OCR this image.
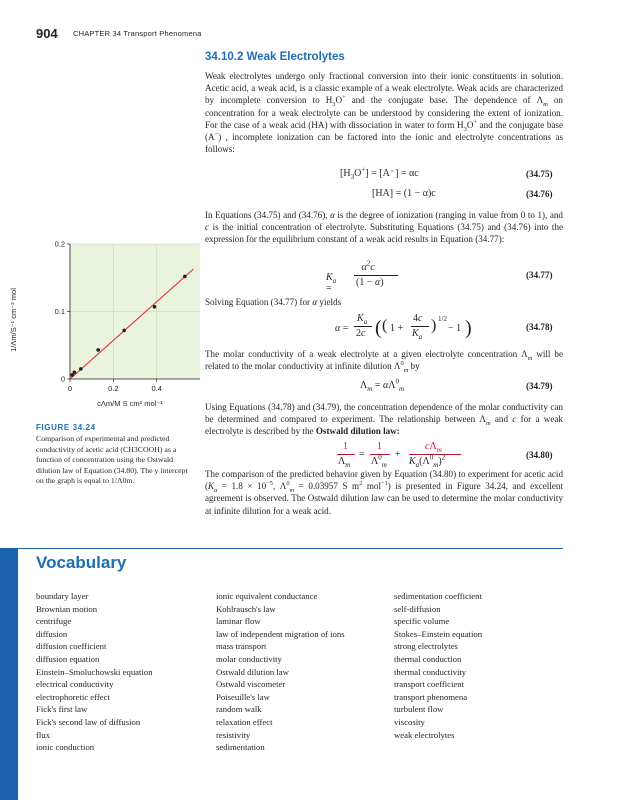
904 CHAPTER 34 Transport Phenomena
34.10.2 Weak Electrolytes
Weak electrolytes undergo only fractional conversion into their ionic constituents in solution. Acetic acid, a weak acid, is a classic example of a weak electrolyte. Weak acids are characterized by incomplete conversion to $H_3O^+$ and the conjugate base. The dependence of $\Lambda_m$ on concentration for a weak electrolyte can be understood by considering the extent of ionization. For the case of a weak acid (HA) with dissociation in water to form $H_3O^+$ and the conjugate base (A−) , incomplete ionization can be factored into the ionic and electrolyte concentrations as follows:
$[H_3O^+] = [A^-] = \alpha c$	(34.75)
[HA] = (1 − α)c	(34.76)
In Equations (34.75) and (34.76), α is the degree of ionization (ranging in value from 0 to 1), and c is the initial concentration of electrolyte. Substituting Equations (34.75) and (34.76) into the expression for the equilibrium constant of a weak acid results in Equation (34.77):
$K_a$ =
$\alpha^2c$
(1 − α)
(34.77)
Solving Equation (34.77) for α yields
α =
$K_a$
2c ( ( 1 +
4c
$K_a$
) 1/2
− 1 )	(34.78)
The molar conductivity of a weak electrolyte at a given electrolyte concentration $\Lambda_m$ will be related to the molar conductivity at infinite dilution $\Lambda^0_m$ by
$\Lambda_m = \alpha\Lambda^0_m$	(34.79)
Using Equations (34.78) and (34.79), the concentration dependence of the molar conductivity can be determined and compared to experiment. The relationship between $\Lambda_m$ and c for a weak electrolyte is described by the Ostwald dilution law:
1
$\Lambda_m$
=
1
$\Lambda^0_m$
+
$c\Lambda_m$
$K_a(\Lambda^0_m)^2$	(34.80)
The comparison of the predicted behavior given by Equation (34.80) to experiment for acetic acid ($K_a = 1.8 \times 10^{-5}$, $\Lambda^0_m = 0.03957$ S $m^2$ mol$^{-1}$) is presented in Figure 34.24, and excellent agreement is observed. The Ostwald dilution law can be used to determine the molar conductivity at infinite dilution for a weak acid.
0
0.1
0.2
0	0.2	0.4
1/Λm/S⁻¹ cm⁻² mol
cΛm/M S cm² mol⁻¹
FIGURE 34.24
Comparison of experimental and predicted conductivity of acetic acid (CH3COOH) as a function of concentration using the Ostwald dilution law of Equation (34.80). The y intercept on the graph is equal to 1/Λ0m.
Vocabulary
boundary layer
Brownian motion
centrifuge
diffusion
diffusion coefficient
diffusion equation
Einstein–Smoluchowski equation
electrical conductivity
electrophoretic effect
Fick's first law
Fick's second law of diffusion
flux
ionic conduction
ionic equivalent conductance
Kohlrausch's law
laminar flow
law of independent migration of ions
mass transport
molar conductivity
Ostwald dilution law
Ostwald viscometer
Poiseuille's law
random walk
relaxation effect
resistivity
sedimentation
sedimentation coefficient
self-diffusion
specific volume
Stokes–Einstein equation
strong electrolytes
thermal conduction
thermal conductivity
transport coefficient
transport phenomena
turbulent flow
viscosity
weak electrolytes
